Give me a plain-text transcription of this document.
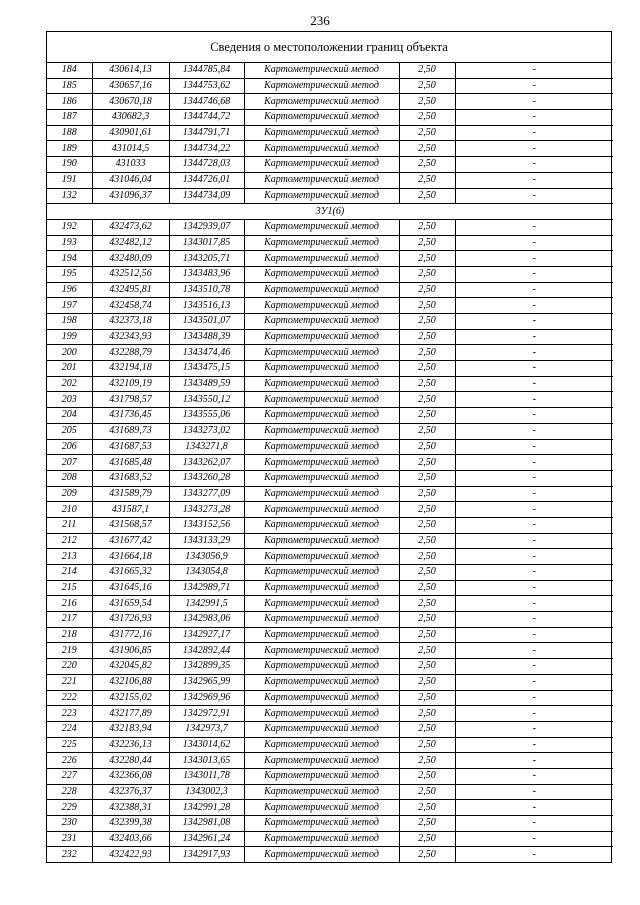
236
Сведения о местоположении границ объекта
184	430614,13	1344785,84	Картометрический метод	2,50	-
185	430657,16	1344753,62	Картометрический метод	2,50	-
186	430670,18	1344746,68	Картометрический метод	2,50	-
187	430682,3	1344744,72	Картометрический метод	2,50	-
188	430901,61	1344791,71	Картометрический метод	2,50	-
189	431014,5	1344734,22	Картометрический метод	2,50	-
190	431033	1344728,03	Картометрический метод	2,50	-
191	431046,04	1344726,01	Картометрический метод	2,50	-
132	431096,37	1344734,09	Картометрический метод	2,50	-
3У1(6)					
192	432473,62	1342939,07	Картометрический метод	2,50	-
193	432482,12	1343017,85	Картометрический метод	2,50	-
194	432480,09	1343205,71	Картометрический метод	2,50	-
195	432512,56	1343483,96	Картометрический метод	2,50	-
196	432495,81	1343510,78	Картометрический метод	2,50	-
197	432458,74	1343516,13	Картометрический метод	2,50	-
198	432373,18	1343501,07	Картометрический метод	2,50	-
199	432343,93	1343488,39	Картометрический метод	2,50	-
200	432288,79	1343474,46	Картометрический метод	2,50	-
201	432194,18	1343475,15	Картометрический метод	2,50	-
202	432109,19	1343489,59	Картометрический метод	2,50	-
203	431798,57	1343550,12	Картометрический метод	2,50	-
204	431736,45	1343555,06	Картометрический метод	2,50	-
205	431689,73	1343273,02	Картометрический метод	2,50	-
206	431687,53	1343271,8	Картометрический метод	2,50	-
207	431685,48	1343262,07	Картометрический метод	2,50	-
208	431683,52	1343260,28	Картометрический метод	2,50	-
209	431589,79	1343277,09	Картометрический метод	2,50	-
210	431587,1	1343273,28	Картометрический метод	2,50	-
211	431568,57	1343152,56	Картометрический метод	2,50	-
212	431677,42	1343133,29	Картометрический метод	2,50	-
213	431664,18	1343056,9	Картометрический метод	2,50	-
214	431665,32	1343054,8	Картометрический метод	2,50	-
215	431645,16	1342989,71	Картометрический метод	2,50	-
216	431659,54	1342991,5	Картометрический метод	2,50	-
217	431726,93	1342983,06	Картометрический метод	2,50	-
218	431772,16	1342927,17	Картометрический метод	2,50	-
219	431906,85	1342892,44	Картометрический метод	2,50	-
220	432045,82	1342899,35	Картометрический метод	2,50	-
221	432106,88	1342965,99	Картометрический метод	2,50	-
222	432155,02	1342969,96	Картометрический метод	2,50	-
223	432177,89	1342972,91	Картометрический метод	2,50	-
224	432183,94	1342973,7	Картометрический метод	2,50	-
225	432236,13	1343014,62	Картометрический метод	2,50	-
226	432280,44	1343013,65	Картометрический метод	2,50	-
227	432366,08	1343011,78	Картометрический метод	2,50	-
228	432376,37	1343002,3	Картометрический метод	2,50	-
229	432388,31	1342991,28	Картометрический метод	2,50	-
230	432399,38	1342981,08	Картометрический метод	2,50	-
231	432403,66	1342961,24	Картометрический метод	2,50	-
232	432422,93	1342917,93	Картометрический метод	2,50	-
